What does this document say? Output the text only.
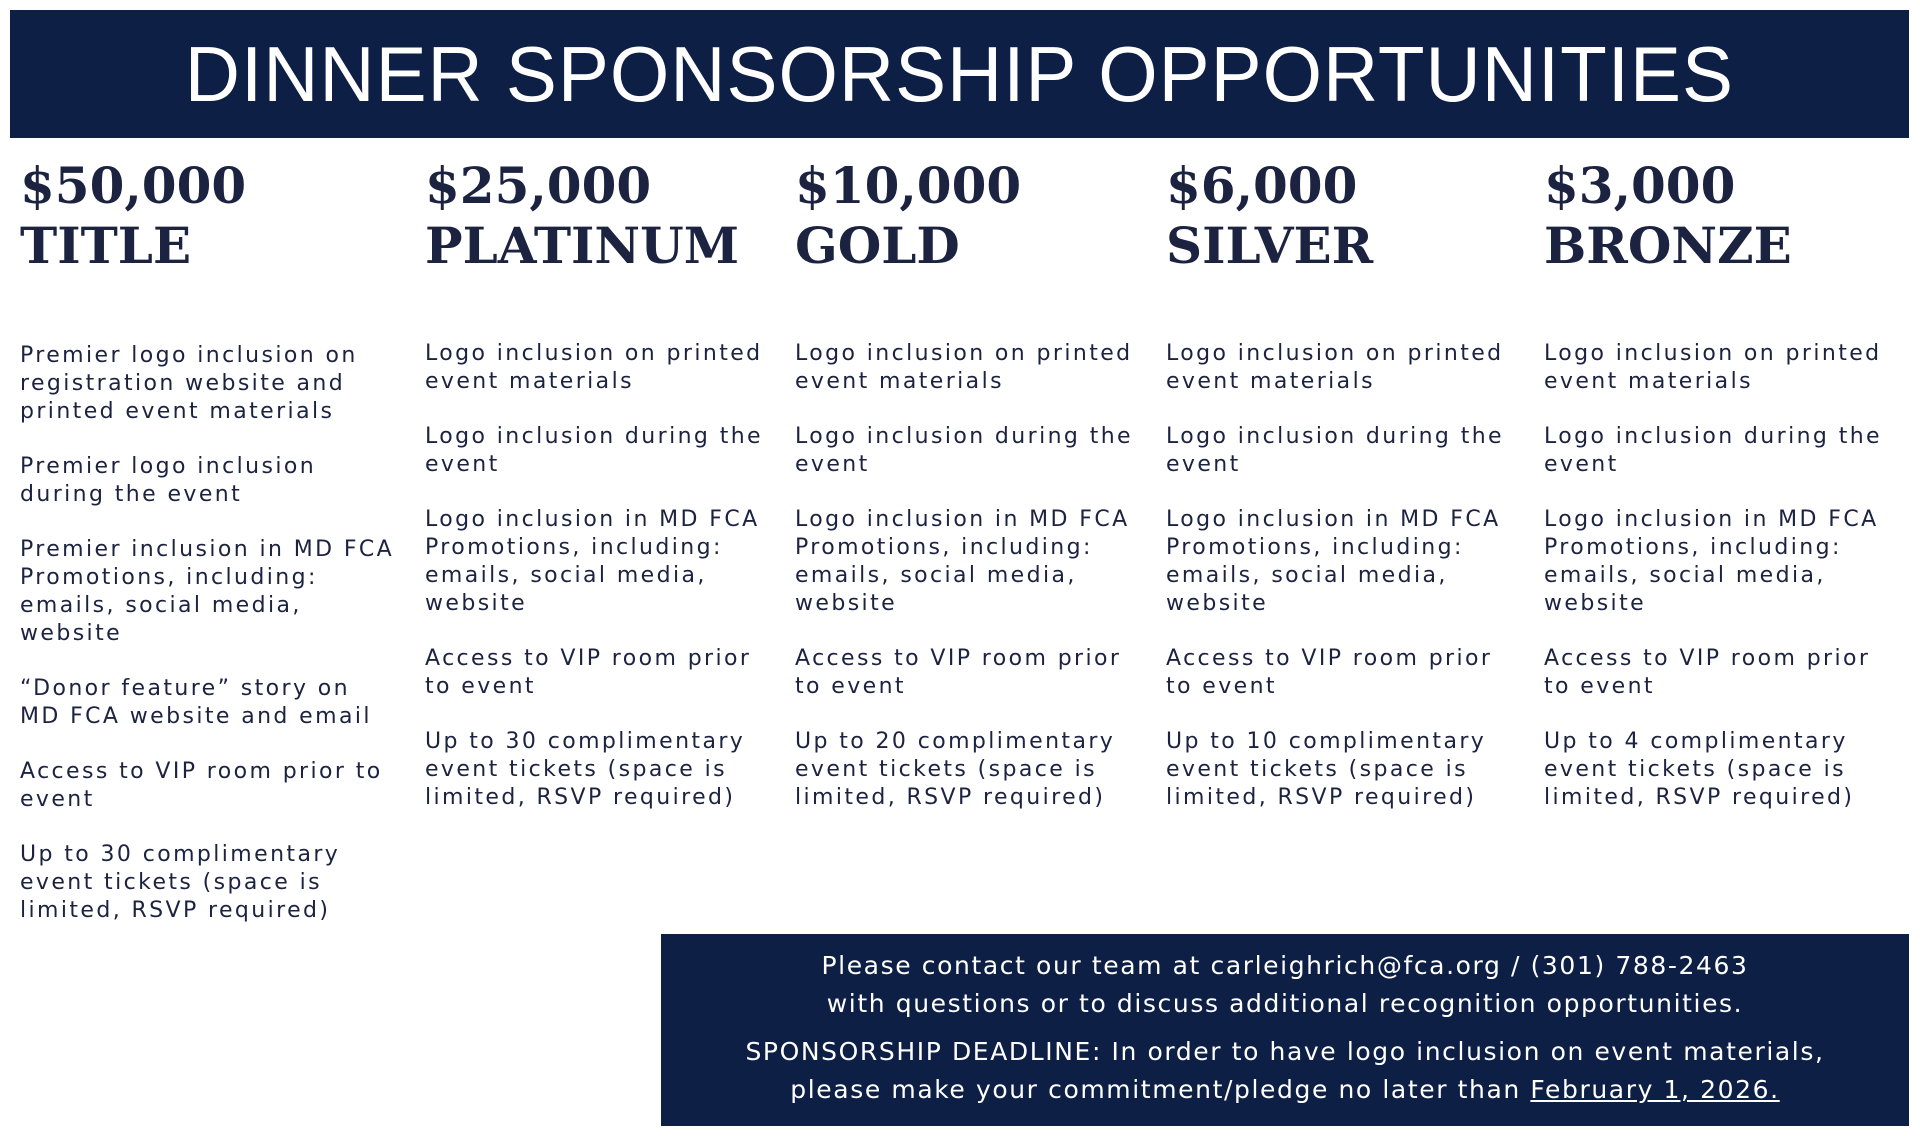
DINNER SPONSORSHIP OPPORTUNITIES
$50,000
TITLE
Premier logo inclusion on registration website and printed event materials
Premier logo inclusion during the event
Premier inclusion in MD FCA Promotions, including: emails, social media, website
“Donor feature” story on MD FCA website and email
Access to VIP room prior to event
Up to 30 complimentary event tickets (space is limited, RSVP required)
$25,000
PLATINUM
Logo inclusion on printed event materials
Logo inclusion during the event
Logo inclusion in MD FCA Promotions, including: emails, social media, website
Access to VIP room prior to event
Up to 30 complimentary event tickets (space is limited, RSVP required)
$10,000
GOLD
Logo inclusion on printed event materials
Logo inclusion during the event
Logo inclusion in MD FCA Promotions, including: emails, social media, website
Access to VIP room prior to event
Up to 20 complimentary event tickets (space is limited, RSVP required)
$6,000
SILVER
Logo inclusion on printed event materials
Logo inclusion during the event
Logo inclusion in MD FCA Promotions, including: emails, social media, website
Access to VIP room prior to event
Up to 10 complimentary event tickets (space is limited, RSVP required)
$3,000
BRONZE
Logo inclusion on printed event materials
Logo inclusion during the event
Logo inclusion in MD FCA Promotions, including: emails, social media, website
Access to VIP room prior to event
Up to 4 complimentary event tickets (space is limited, RSVP required)

Please contact our team at carleighrich@fca.org / (301) 788-2463

with questions or to discuss additional recognition opportunities.

SPONSORSHIP DEADLINE: In order to have logo inclusion on event materials,

please make your commitment/pledge no later than February 1, 2026.
